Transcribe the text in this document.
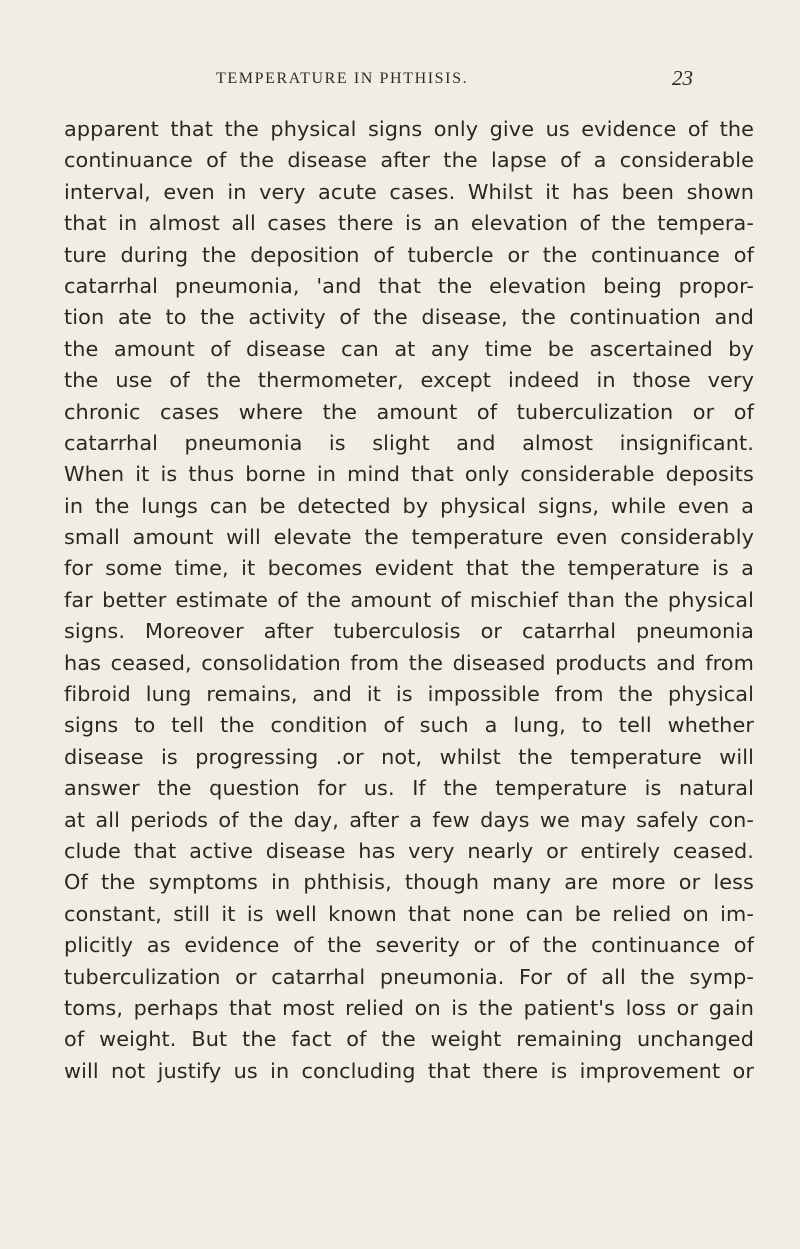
TEMPERATURE IN PHTHISIS.	23
apparent that the physical signs only give us evidence of the
continuance of the disease after the lapse of a considerable
interval, even in very acute cases. Whilst it has been shown
that in almost all cases there is an elevation of the tempera-
ture during the deposition of tubercle or the continuance of
catarrhal pneumonia, 'and that the elevation being propor-
tion ate to the activity of the disease, the continuation and
the amount of disease can at any time be ascertained by
the use of the thermometer, except indeed in those very
chronic cases where the amount of tuberculization or of
catarrhal pneumonia is slight and almost insignificant.
When it is thus borne in mind that only considerable deposits
in the lungs can be detected by physical signs, while even a
small amount will elevate the temperature even considerably
for some time, it becomes evident that the temperature is a
far better estimate of the amount of mischief than the physical
signs. Moreover after tuberculosis or catarrhal pneumonia
has ceased, consolidation from the diseased products and from
fibroid lung remains, and it is impossible from the physical
signs to tell the condition of such a lung, to tell whether
disease is progressing .or not, whilst the temperature will
answer the question for us. If the temperature is natural
at all periods of the day, after a few days we may safely con-
clude that active disease has very nearly or entirely ceased.
Of the symptoms in phthisis, though many are more or less
constant, still it is well known that none can be relied on im-
plicitly as evidence of the severity or of the continuance of
tuberculization or catarrhal pneumonia. For of all the symp-
toms, perhaps that most relied on is the patient's loss or gain
of weight. But the fact of the weight remaining unchanged
will not justify us in concluding that there is improvement or
